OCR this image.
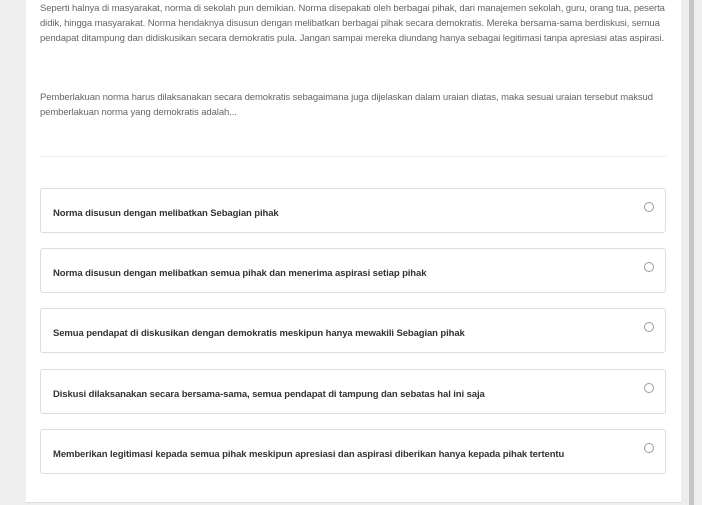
Seperti halnya di masyarakat, norma di sekolah pun demikian. Norma disepakati oleh berbagai pihak, dari manajemen sekolah, guru, orang tua, peserta didik, hingga masyarakat. Norma hendaknya disusun dengan melibatkan berbagai pihak secara demokratis. Mereka bersama-sama berdiskusi, semua pendapat ditampung dan didiskusikan secara demokratis pula. Jangan sampai mereka diundang hanya sebagai legitimasi tanpa apresiasi atas aspirasi.

Pemberlakuan norma harus dilaksanakan secara demokratis sebagaimana juga dijelaskan dalam uraian diatas, maka sesuai uraian tersebut maksud pemberlakuan norma yang demokratis adalah...

Norma disusun dengan melibatkan Sebagian pihak
Norma disusun dengan melibatkan semua pihak dan menerima aspirasi setiap pihak
Semua pendapat di diskusikan dengan demokratis meskipun hanya mewakili Sebagian pihak
Diskusi dilaksanakan secara bersama-sama, semua pendapat di tampung dan sebatas hal ini saja
Memberikan legitimasi kepada semua pihak meskipun apresiasi dan aspirasi diberikan hanya kepada pihak tertentu
